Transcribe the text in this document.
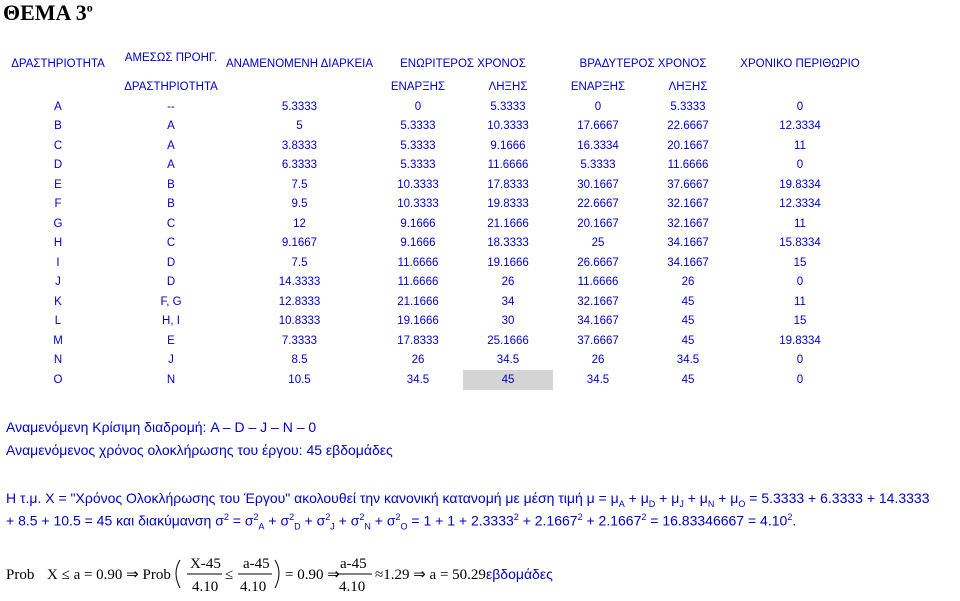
ΘΕΜΑ $3^o$
ΔΡΑΣΤΗΡΙΟΤΗΤΑ	ΑΜΕΣΩΣ ΠΡΟΗΓ.	ΑΝΑΜΕΝΟΜΕΝΗ ΔΙΑΡΚΕΙΑ	ΕΝΩΡΙΤΕΡΟΣ ΧΡΟΝΟΣ		ΒΡΑΔΥΤΕΡΟΣ ΧΡΟΝΟΣ		ΧΡΟΝΙΚΟ ΠΕΡΙΘΩΡΙΟ
	ΔΡΑΣΤΗΡΙΟΤΗΤΑ		ΕΝΑΡΞΗΣ	ΛΗΞΗΣ	ΕΝΑΡΞΗΣ	ΛΗΞΗΣ	
A	--	5.3333	0	5.3333	0	5.3333	0
B	A	5	5.3333	10.3333	17.6667	22.6667	12.3334
C	A	3.8333	5.3333	9.1666	16.3334	20.1667	11
D	A	6.3333	5.3333	11.6666	5.3333	11.6666	0
E	B	7.5	10.3333	17.8333	30.1667	37.6667	19.8334
F	B	9.5	10.3333	19.8333	22.6667	32.1667	12.3334
G	C	12	9.1666	21.1666	20.1667	32.1667	11
H	C	9.1667	9.1666	18.3333	25	34.1667	15.8334
I	D	7.5	11.6666	19.1666	26.6667	34.1667	15
J	D	14.3333	11.6666	26	11.6666	26	0
K	F, G	12.8333	21.1666	34	32.1667	45	11
L	H, I	10.8333	19.1666	30	34.1667	45	15
M	E	7.3333	17.8333	25.1666	37.6667	45	19.8334
N	J	8.5	26	34.5	26	34.5	0
O	N	10.5	34.5	45	34.5	45	0
Αναμενόμενη Κρίσιμη διαδρομή: A – D – J – N – 0
Αναμενόμενος χρόνος ολοκλήρωσης του έργου: 45 εβδομάδες
Η τ.μ. Χ = "Χρόνος Ολοκλήρωσης του Έργου" ακολουθεί την κανονική κατανομή με μέση τιμή $\mu = \mu_A + \mu_D + \mu_J + \mu_N + \mu_O = 5.3333 + 6.3333 + 14.3333$
+ 8.5 + 10.5 = 45 και διακύμανση $\sigma^2 = \sigma^2_A + \sigma^2_D + \sigma^2_J + \sigma^2_N + \sigma^2_O = 1 + 1 + 2.3333^2 + 2.1667^2 + 2.1667^2 = 16.83346667 = 4.10^2$.
Prob X ≤ a = 0.90 ⇒ Prob
X-45
4.10
≤
a-45
4.10
= 0.90 ⇒
a-45
4.10
≈1.29 ⇒ a = 50.29 εβδομάδες
